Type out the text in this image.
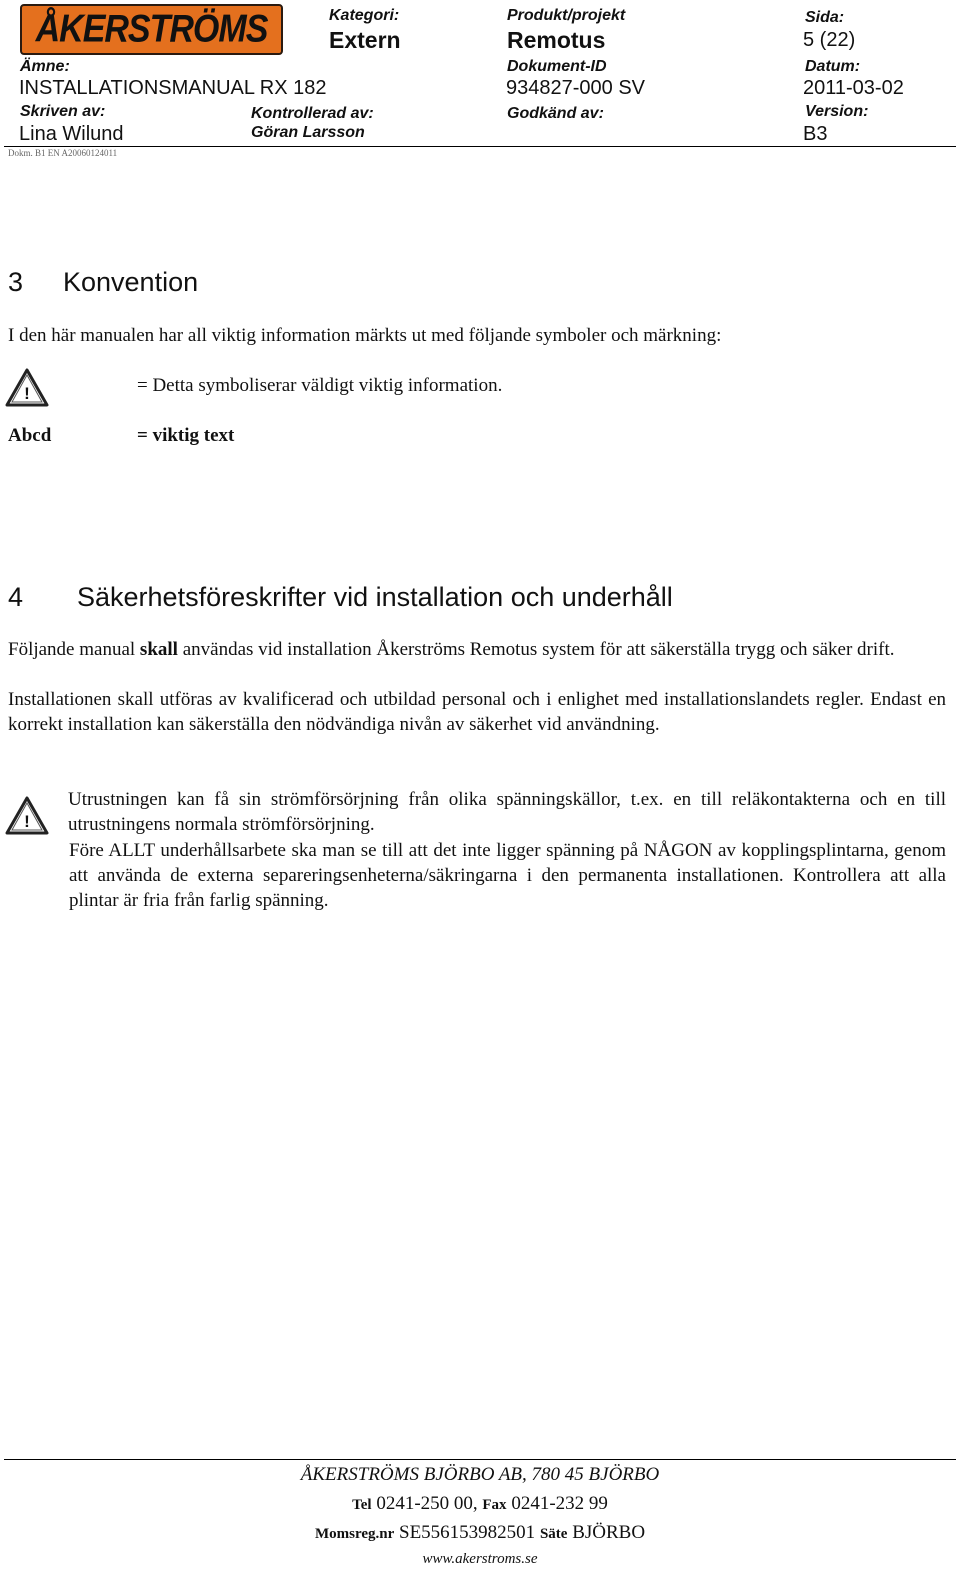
ÅKERSTRÖMS	Kategori:
Extern
Produkt/projekt
Remotus
Sida:
5 (22)
Ämne:
INSTALLATIONSMANUAL RX 182
Dokument-ID
934827-000 SV
Datum:
2011-03-02
Skriven av:
Lina Wilund
Kontrollerad av:
Göran Larsson
Godkänd av:	Version:
B3
Dokm. B1 EN A20060124011
3 Konvention
I den här manualen har all viktig information märkts ut med följande symboler och märkning:
!	= Detta symboliserar väldigt viktig information.
Abcd	= viktig text
4 Säkerhetsföreskrifter vid installation och underhåll
Följande manual skall användas vid installation Åkerströms Remotus system för att säkerställa trygg och säker drift.
Installationen skall utföras av kvalificerad och utbildad personal och i enlighet med installationslandets regler. Endast en korrekt installation kan säkerställa den nödvändiga nivån av säkerhet vid användning.
!
Utrustningen kan få sin strömförsörjning från olika spänningskällor, t.ex. en till reläkontakterna och en till utrustningens normala strömförsörjning.
Före ALLT underhållsarbete ska man se till att det inte ligger spänning på NÅGON av kopplingsplintarna, genom att använda de externa separeringsenheterna/säkringarna i den permanenta installationen. Kontrollera att alla plintar är fria från farlig spänning.
ÅKERSTRÖMS BJÖRBO AB, 780 45 BJÖRBO
Tel 0241-250 00, Fax 0241-232 99
Momsreg.nr SE556153982501 Säte BJÖRBO
www.akerstroms.se
